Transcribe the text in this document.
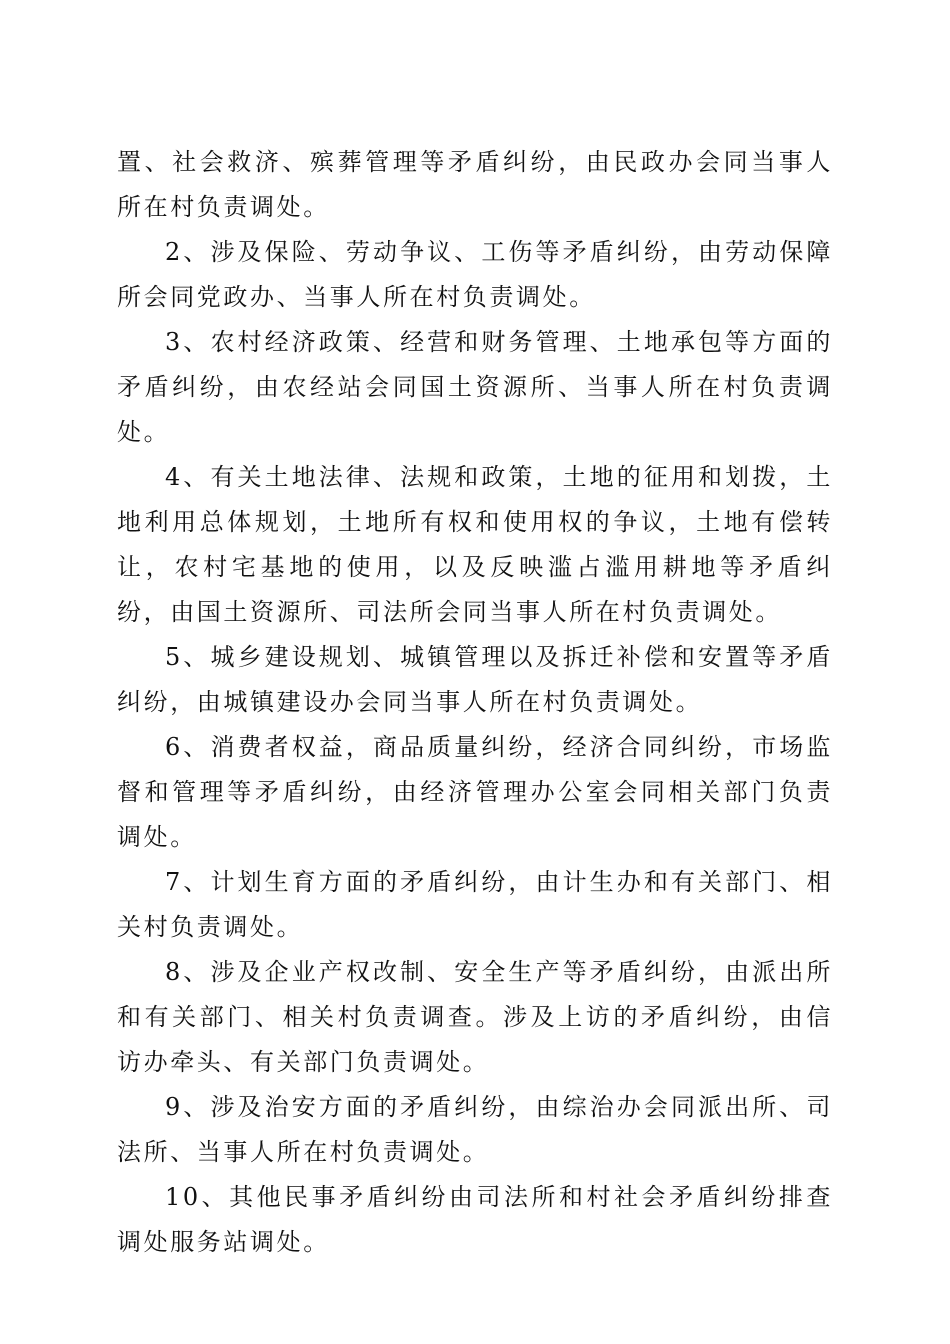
置、社会救济、殡葬管理等矛盾纠纷，由民政办会同当事人所在村负责调处。

2、涉及保险、劳动争议、工伤等矛盾纠纷，由劳动保障所会同党政办、当事人所在村负责调处。

3、农村经济政策、经营和财务管理、土地承包等方面的矛盾纠纷，由农经站会同国土资源所、当事人所在村负责调处。

4、有关土地法律、法规和政策，土地的征用和划拨，土地利用总体规划，土地所有权和使用权的争议，土地有偿转让，农村宅基地的使用，以及反映滥占滥用耕地等矛盾纠纷，由国土资源所、司法所会同当事人所在村负责调处。

5、城乡建设规划、城镇管理以及拆迁补偿和安置等矛盾纠纷，由城镇建设办会同当事人所在村负责调处。

6、消费者权益，商品质量纠纷，经济合同纠纷，市场监督和管理等矛盾纠纷，由经济管理办公室会同相关部门负责调处。

7、计划生育方面的矛盾纠纷，由计生办和有关部门、相关村负责调处。

8、涉及企业产权改制、安全生产等矛盾纠纷，由派出所和有关部门、相关村负责调查。涉及上访的矛盾纠纷，由信访办牵头、有关部门负责调处。

9、涉及治安方面的矛盾纠纷，由综治办会同派出所、司法所、当事人所在村负责调处。

10、其他民事矛盾纠纷由司法所和村社会矛盾纠纷排查调处服务站调处。
